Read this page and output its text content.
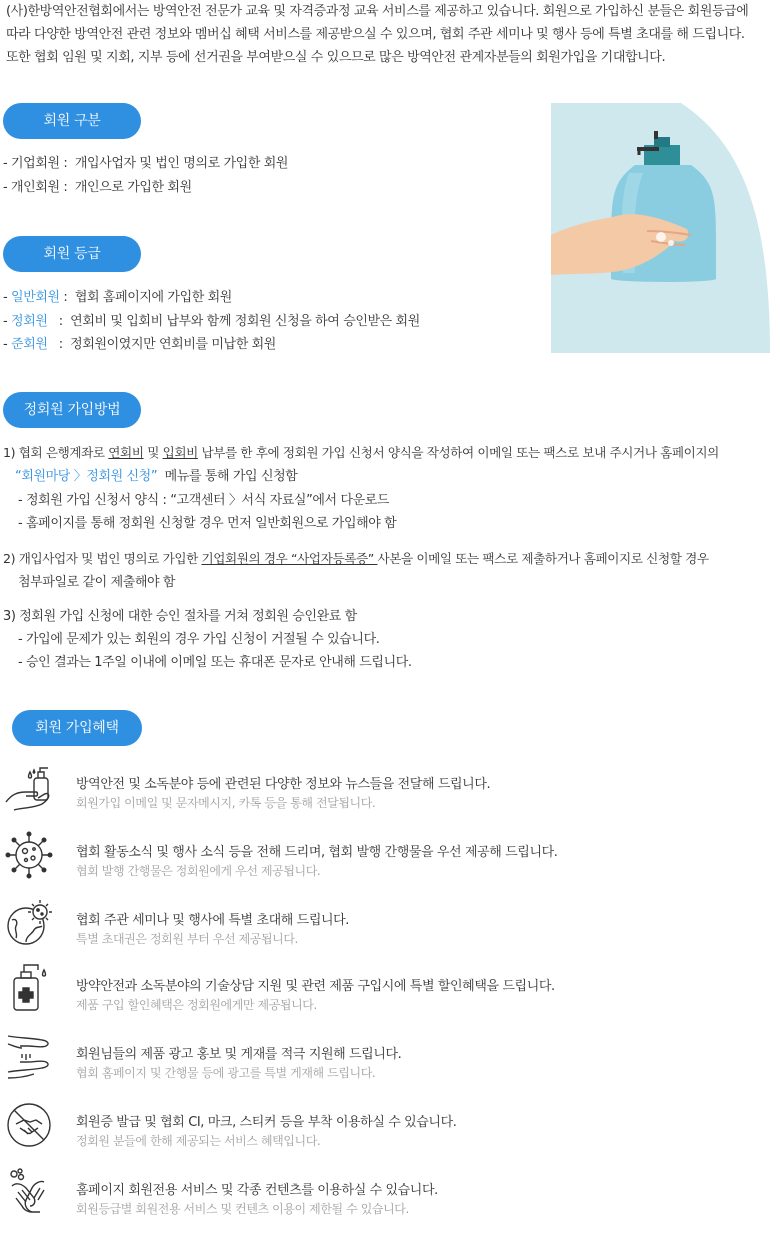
(사)한방역안전협회에서는 방역안전 전문가 교육 및 자격증과정 교육 서비스를 제공하고 있습니다. 회원으로 가입하신 분들은 회원등급에
따라 다양한 방역안전 관련 정보와 멤버십 혜택 서비스를 제공받으실 수 있으며, 협회 주관 세미나 및 행사 등에 특별 초대를 해 드립니다.
또한 협회 임원 및 지회, 지부 등에 선거권을 부여받으실 수 있으므로 많은 방역안전 관계자분들의 회원가입을 기대합니다.
회원 구분
- 기업회원 : 개입사업자 및 법인 명의로 가입한 회원
- 개인회원 : 개인으로 가입한 회원
회원 등급
- 일반회원 : 협회 홈페이지에 가입한 회원
- 정회원   : 연회비 및 입회비 납부와 함께 정회원 신청을 하여 승인받은 회원
- 준회원   : 정회원이였지만 연회비를 미납한 회원
정회원 가입방법
1) 협회 은행계좌로 연회비 및 입회비 납부를 한 후에 정회원 가입 신청서 양식을 작성하여 이메일 또는 팩스로 보내 주시거나 홈페이지의
“회원마당 〉정회원 신청”  메뉴를 통해 가입 신청함
- 정회원 가입 신청서 양식 : “고객센터 〉서식 자료실”에서 다운로드
- 홈페이지를 통해 정회원 신청할 경우 먼저 일반회원으로 가입해야 함
2) 개입사업자 및 법인 명의로 가입한 기업회원의 경우 “사업자등록증” 사본을 이메일 또는 팩스로 제출하거나 홈페이지로 신청할 경우
첨부파일로 같이 제출해야 함
3) 정회원 가입 신청에 대한 승인 절차를 거쳐 정회원 승인완료 함
- 가입에 문제가 있는 회원의 경우 가입 신청이 거절될 수 있습니다.
- 승인 결과는 1주일 이내에 이메일 또는 휴대폰 문자로 안내해 드립니다.
회원 가입혜택
방역안전 및 소독분야 등에 관련된 다양한 정보와 뉴스들을 전달해 드립니다.
회원가입 이메일 및 문자메시지, 카톡 등을 통해 전달됩니다.
협회 활동소식 및 행사 소식 등을 전해 드리며, 협회 발행 간행물을 우선 제공해 드립니다.
협회 발행 간행물은 정회원에게 우선 제공됩니다.
협회 주관 세미나 및 행사에 특별 초대해 드립니다.
특별 초대권은 정회원 부터 우선 제공됩니다.
방약안전과 소독분야의 기술상담 지원 및 관련 제품 구입시에 특별 할인혜택을 드립니다.
제품 구입 할인혜택은 정회원에게만 제공됩니다.
회원님들의 제품 광고 홍보 및 게재를 적극 지원해 드립니다.
협회 홈페이지 및 간행물 등에 광고를 특별 게재해 드립니다.
회원증 발급 및 협회 CI, 마크, 스티커 등을 부착 이용하실 수 있습니다.
정회원 분들에 한해 제공되는 서비스 혜택입니다.
홈페이지 회원전용 서비스 및 각종 컨텐츠를 이용하실 수 있습니다.
회원등급별 회원전용 서비스 및 컨텐츠 이용이 제한될 수 있습니다.
